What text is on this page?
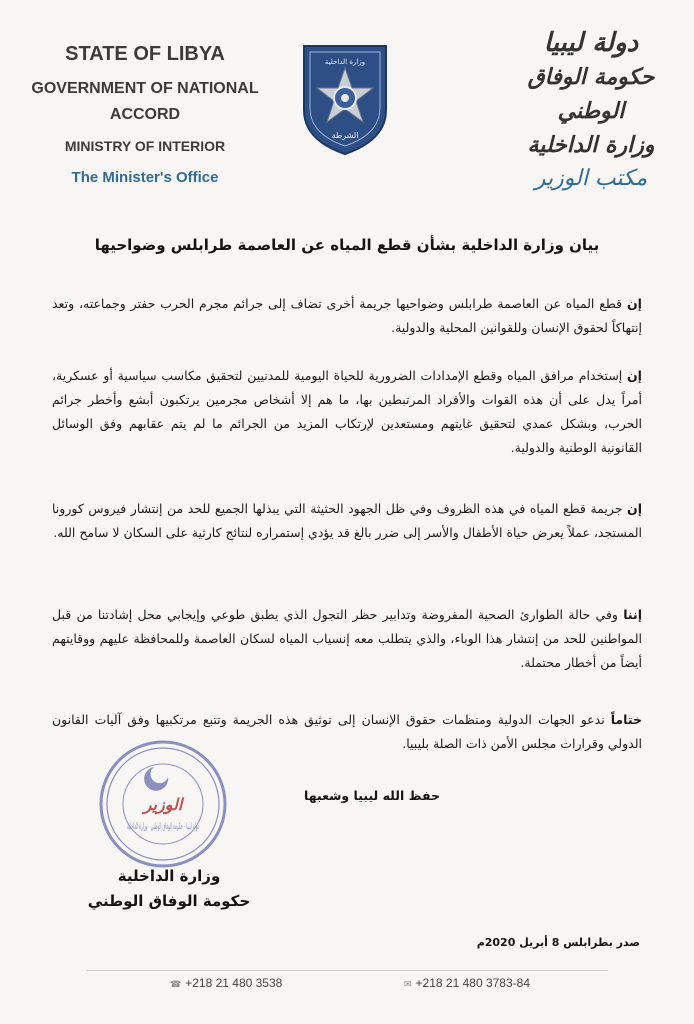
STATE OF LIBYA
GOVERNMENT OF NATIONAL ACCORD
MINISTRY OF INTERIOR
The Minister's Office
وزارة الداخلية
الشرطة
دولة ليبيا
حكومة الوفاق الوطني
وزارة الداخلية
مكتب الوزير
بيان وزارة الداخلية بشأن قطع المياه عن العاصمة طرابلس وضواحيها
إن قطع المياه عن العاصمة طرابلس وضواحيها جريمة أخرى تضاف إلى جرائم مجرم الحرب حفتر وجماعته، وتعد إنتهاكاً لحقوق الإنسان وللقوانين المحلية والدولية.
إن إستخدام مرافق المياه وقطع الإمدادات الضرورية للحياة اليومية للمدنيين لتحقيق مكاسب سياسية أو عسكرية، أمراً يدل على أن هذه القوات والأفراد المرتبطين بها، ما هم إلا أشخاص مجرمين يرتكبون أبشع وأخطر جرائم الحرب، وبشكل عمدي لتحقيق غايتهم ومستعدين لإرتكاب المزيد من الجرائم ما لم يتم عقابهم وفق الوسائل القانونية الوطنية والدولية.
إن جريمة قطع المياه في هذه الظروف وفي ظل الجهود الحثيثة التي يبذلها الجميع للحد من إنتشار فيروس كورونا المستجد، عملاً يعرض حياة الأطفال والأسر إلى ضرر بالغ قد يؤدي إستمراره لنتائج كارثية على السكان لا سامح الله.
إننا وفي حالة الطوارئ الصحية المفروضة وتدابير حظر التجول الذي يطبق طوعي وإيجابي محل إشادتنا من قبل المواطنين للحد من إنتشار هذا الوباء، والذي يتطلب معه إنسياب المياه لسكان العاصمة وللمحافظة عليهم ووقايتهم أيضاً من أخطار محتملة.
ختاماً ندعو الجهات الدولية ومنظمات حقوق الإنسان إلى توثيق هذه الجريمة وتتبع مرتكبيها وفق آليات القانون الدولي وقرارات مجلس الأمن ذات الصلة بليبيا.
حفظ الله ليبيا وشعبها
دولة ليبيا - حكومة الوفاق الوطني - وزارة الداخلية
الوزير
وزارة الداخلية
حكومة الوفاق الوطني
صدر بطرابلس 8 أبريل 2020م
☎ +218 21 480 3538	✉ +218 21 480 3783-84
